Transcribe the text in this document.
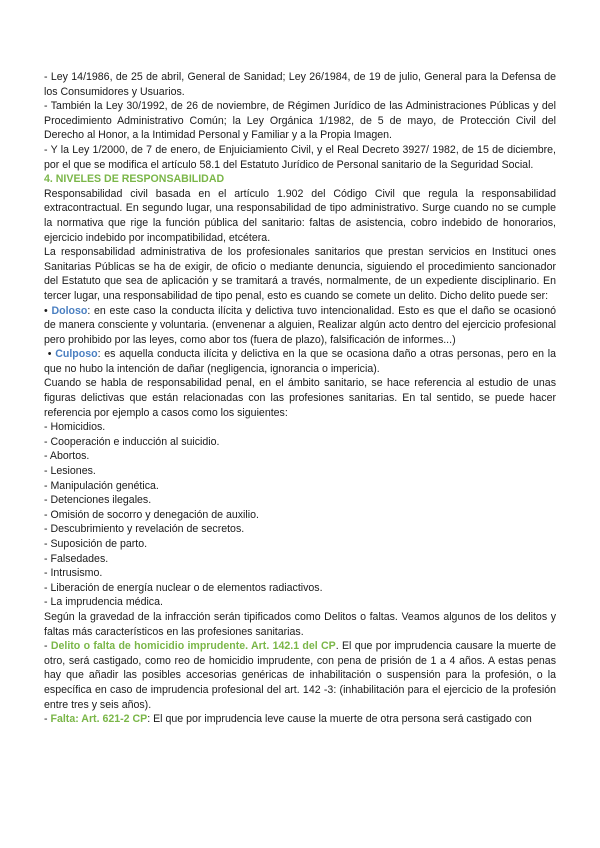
- Ley 14/1986, de 25 de abril, General de Sanidad; Ley 26/1984, de 19 de julio, General para la Defensa de los Consumidores y Usuarios.

- También la Ley 30/1992, de 26 de noviembre, de Régimen Jurídico de las Administraciones Públicas y del Procedimiento Administrativo Común; la Ley Orgánica 1/1982, de 5 de mayo, de Protección Civil del Derecho al Honor, a la Intimidad Personal y Familiar y a la Propia Imagen.

- Y la Ley 1/2000, de 7 de enero, de Enjuiciamiento Civil, y el Real Decreto 3927/ 1982, de 15 de diciembre, por el que se modifica el artículo 58.1 del Estatuto Jurídico de Personal sanitario de la Seguridad Social.

4. NIVELES DE RESPONSABILIDAD

Responsabilidad civil basada en el artículo 1.902 del Código Civil que regula la responsabilidad extracontractual. En segundo lugar, una responsabilidad de tipo administrativo. Surge cuando no se cumple la normativa que rige la función pública del sanitario: faltas de asistencia, cobro indebido de honorarios, ejercicio indebido por incompatibilidad, etcétera.

La responsabilidad administrativa de los profesionales sanitarios que prestan servicios en Instituci ones Sanitarias Públicas se ha de exigir, de oficio o mediante denuncia, siguiendo el procedimiento sancionador del Estatuto que sea de aplicación y se tramitará a través, normalmente, de un expediente disciplinario. En tercer lugar, una responsabilidad de tipo penal, esto es cuando se comete un delito. Dicho delito puede ser:

• Doloso: en este caso la conducta ilícita y delictiva tuvo intencionalidad. Esto es que el daño se ocasionó de manera consciente y voluntaria. (envenenar a alguien, Realizar algún acto dentro del ejercicio profesional pero prohibido por las leyes, como abor tos (fuera de plazo), falsificación de informes...)

• Culposo: es aquella conducta ilícita y delictiva en la que se ocasiona daño a otras personas, pero en la que no hubo la intención de dañar (negligencia, ignorancia o impericia).

Cuando se habla de responsabilidad penal, en el ámbito sanitario, se hace referencia al estudio de unas figuras delictivas que están relacionadas con las profesiones sanitarias. En tal sentido, se puede hacer referencia por ejemplo a casos como los siguientes:

- Homicidios.

- Cooperación e inducción al suicidio.

- Abortos.

- Lesiones.

- Manipulación genética.

- Detenciones ilegales.

- Omisión de socorro y denegación de auxilio.

- Descubrimiento y revelación de secretos.

- Suposición de parto.

- Falsedades.

- Intrusismo.

- Liberación de energía nuclear o de elementos radiactivos.

- La imprudencia médica.

Según la gravedad de la infracción serán tipificados como Delitos o faltas. Veamos algunos de los delitos y faltas más característicos en las profesiones sanitarias.

- Delito o falta de homicidio imprudente. Art. 142.1 del CP. El que por imprudencia causare la muerte de otro, será castigado, como reo de homicidio imprudente, con pena de prisión de 1 a 4 años. A estas penas hay que añadir las posibles accesorias genéricas de inhabilitación o suspensión para la profesión, o la específica en caso de imprudencia profesional del art. 142 -3: (inhabilitación para el ejercicio de la profesión entre tres y seis años).

- Falta: Art. 621-2 CP: El que por imprudencia leve cause la muerte de otra persona será castigado con
